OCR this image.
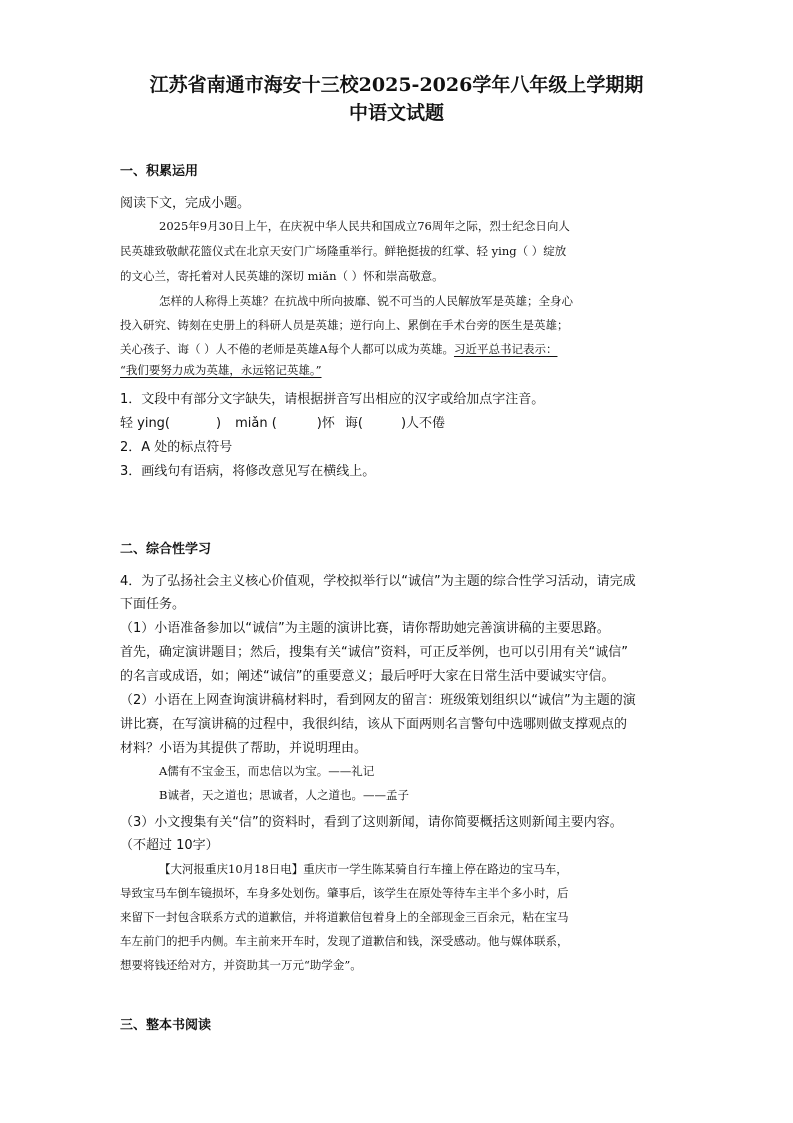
江苏省南通市海安十三校2025-2026学年八年级上学期期
中语文试题
一、积累运用
阅读下文，完成小题。
2025年9月30日上午，在庆祝中华人民共和国成立76周年之际，烈士纪念日向人
民英雄致敬献花篮仪式在北京天安门广场隆重举行。鲜艳挺拔的红掌、轻 ying（ ）绽放
的文心兰，寄托着对人民英雄的深切 miǎn（ ）怀和崇高敬意。
怎样的人称得上英雄？在抗战中所向披靡、锐不可当的人民解放军是英雄；全身心
投入研究、铸刻在史册上的科研人员是英雄；逆行向上、累倒在手术台旁的医生是英雄；
关心孩子、诲（ ）人不倦的老师是英雄A每个人都可以成为英雄。习近平总书记表示：
“我们要努力成为英雄，永远铭记英雄。”
1．文段中有部分文字缺失，请根据拼音写出相应的汉字或给加点字注音。
轻 ying(	) miǎn (	)怀 诲(	)人不倦
2．A 处的标点符号
3．画线句有语病，将修改意见写在横线上。
二、综合性学习
4．为了弘扬社会主义核心价值观，学校拟举行以“诚信”为主题的综合性学习活动，请完成
下面任务。
（1）小语准备参加以“诚信”为主题的演讲比赛，请你帮助她完善演讲稿的主要思路。
首先，确定演讲题目；然后，搜集有关“诚信”资料，可正反举例，也可以引用有关“诚信”
的名言或成语，如；阐述“诚信”的重要意义；最后呼吁大家在日常生活中要诚实守信。
（2）小语在上网查询演讲稿材料时，看到网友的留言：班级策划组织以“诚信”为主题的演
讲比赛，在写演讲稿的过程中，我很纠结，该从下面两则名言警句中选哪则做支撑观点的
材料？小语为其提供了帮助，并说明理由。
A儒有不宝金玉，而忠信以为宝。——礼记
B诚者，天之道也；思诚者，人之道也。——孟子
（3）小文搜集有关“信”的资料时，看到了这则新闻，请你简要概括这则新闻主要内容。
（不超过 10字）
【大河报重庆10月18日电】重庆市一学生陈某骑自行车撞上停在路边的宝马车，
导致宝马车倒车镜损坏，车身多处划伤。肇事后，该学生在原处等待车主半个多小时，后
来留下一封包含联系方式的道歉信，并将道歉信包着身上的全部现金三百余元，粘在宝马
车左前门的把手内侧。车主前来开车时，发现了道歉信和钱，深受感动。他与媒体联系，
想要将钱还给对方，并资助其一万元“助学金”。
三、整本书阅读
